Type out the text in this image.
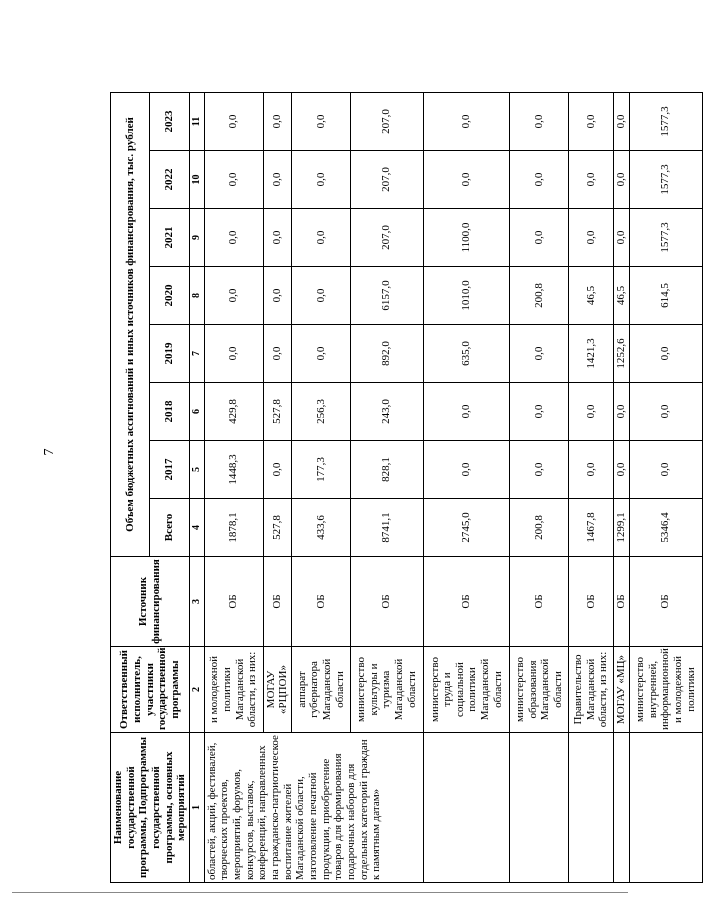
7
Наименование государственной программы, Подпрограммы государственной программы, основных мероприятий	Ответственный исполнитель, участники государственной программы	Источник финансирования	Объем бюджетных ассигнований и иных источников финансирования, тыс. рублей							
			Всего	2017	2018	2019	2020	2021	2022	2023
1	2	3	4	5	6	7	8	9	10	11
областей, акций, фестивалей, творческих проектов, мероприятий, форумов, конкурсов, выставок, конференций, направленных на гражданско-патриотическое воспитание жителей Магаданской области, изготовление печатной продукции, приобретение товаров для формирования подарочных наборов для отдельных категорий граждан к памятным датам»	и молодежной политики Магаданской области, из них:	ОБ	1878,1	1448,3	429,8	0,0	0,0	0,0	0,0	0,0
	МОГАУ «РЦПОИ»	ОБ	527,8	0,0	527,8	0,0	0,0	0,0	0,0	0,0
	аппарат губернатора Магаданской области	ОБ	433,6	177,3	256,3	0,0	0,0	0,0	0,0	0,0
	министерство культуры и туризма Магаданской области	ОБ	8741,1	828,1	243,0	892,0	6157,0	207,0	207,0	207,0
	министерство труда и социальной политики Магаданской области	ОБ	2745,0	0,0	0,0	635,0	1010,0	1100,0	0,0	0,0
	министерство образования Магаданской области	ОБ	200,8	0,0	0,0	0,0	200,8	0,0	0,0	0,0
	Правительство Магаданской области, из них:	ОБ	1467,8	0,0	0,0	1421,3	46,5	0,0	0,0	0,0
	МОГАУ «МЦ»	ОБ	1299,1	0,0	0,0	1252,6	46,5	0,0	0,0	0,0
	министерство внутренней, информационной и молодежной политики	ОБ	5346,4	0,0	0,0	0,0	614,5	1577,3	1577,3	1577,3
